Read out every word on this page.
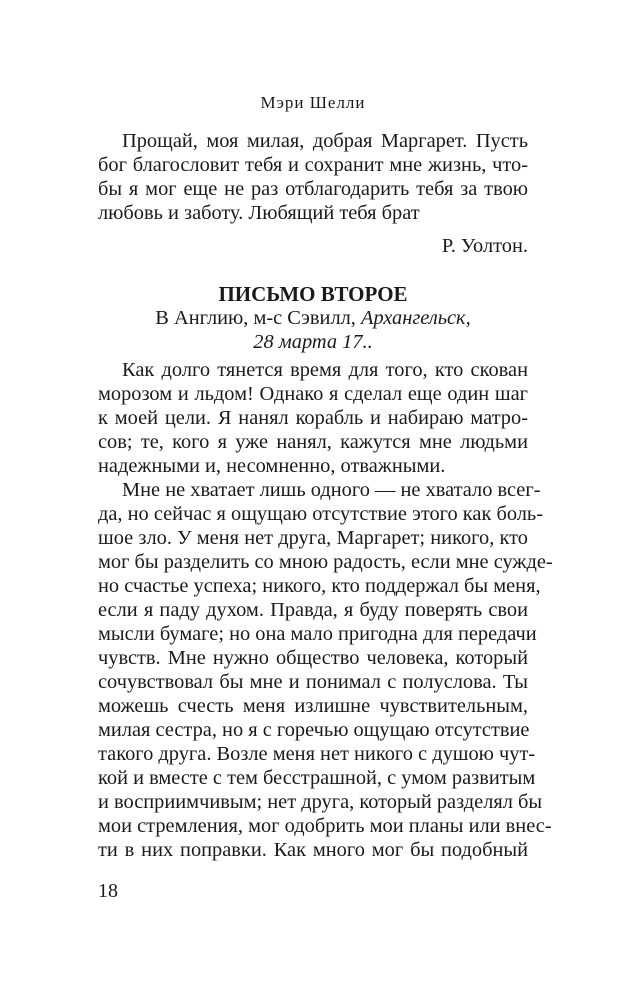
Мэри Шелли
Прощай, моя милая, добрая Маргарет. Пусть
бог благословит тебя и сохранит мне жизнь, что-
бы я мог еще не раз отблагодарить тебя за твою
любовь и заботу. Любящий тебя брат
Р. Уолтон.
ПИСЬМО ВТОРОЕ
В Англию, м-с Сэвилл, Архангельск,
28 марта 17..
Как долго тянется время для того, кто скован
морозом и льдом! Однако я сделал еще один шаг
к моей цели. Я нанял корабль и набираю матро-
сов; те, кого я уже нанял, кажутся мне людьми
надежными и, несомненно, отважными.
Мне не хватает лишь одного — не хватало всег-
да, но сейчас я ощущаю отсутствие этого как боль-
шое зло. У меня нет друга, Маргарет; никого, кто
мог бы разделить со мною радость, если мне сужде-
но счастье успеха; никого, кто поддержал бы меня,
если я паду духом. Правда, я буду поверять свои
мысли бумаге; но она мало пригодна для передачи
чувств. Мне нужно общество человека, который
сочувствовал бы мне и понимал с полуслова. Ты
можешь счесть меня излишне чувствительным,
милая сестра, но я с горечью ощущаю отсутствие
такого друга. Возле меня нет никого с душою чут-
кой и вместе с тем бесстрашной, с умом развитым
и восприимчивым; нет друга, который разделял бы
мои стремления, мог одобрить мои планы или внес-
ти в них поправки. Как много мог бы подобный
18
